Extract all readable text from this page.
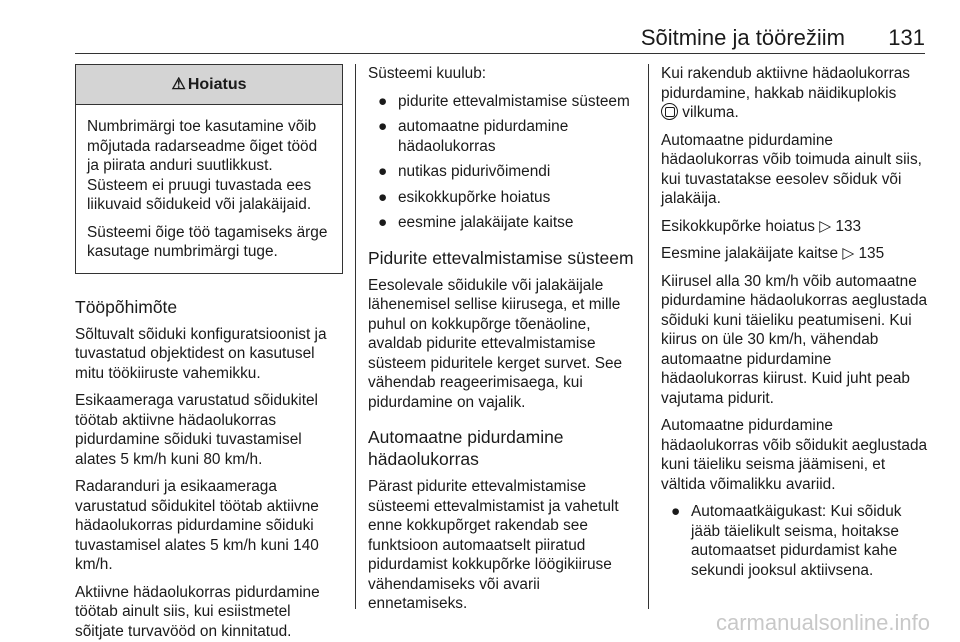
Sõitmine ja töörežiim 131
⚠ Hoiatus

Numbrimärgi toe kasutamine võib mõjutada radarseadme õiget tööd ja piirata anduri suutlikkust. Süsteem ei pruugi tuvastada ees liikuvaid sõidukeid või jalakäijaid.

Süsteemi õige töö tagamiseks ärge kasutage numbrimärgi tuge.

Tööpõhimõte

Sõltuvalt sõiduki konfiguratsioonist ja tuvastatud objektidest on kasutusel mitu töökiiruste vahemikku.

Esikaameraga varustatud sõidukitel töötab aktiivne hädaolukorras pidurdamine sõiduki tuvastamisel alates 5 km/h kuni 80 km/h.

Radaranduri ja esikaameraga varustatud sõidukitel töötab aktiivne hädaolukorras pidurdamine sõiduki tuvastamisel alates 5 km/h kuni 140 km/h.

Aktiivne hädaolukorras pidurdamine töötab ainult siis, kui esiistmetel sõitjate turvavööd on kinnitatud.

Süsteemi kuulub:

● pidurite ettevalmistamise süsteem
● automaatne pidurdamine hädaolukorras
● nutikas pidurivõimendi
● esikokkupõrke hoiatus
● eesmine jalakäijate kaitse
Pidurite ettevalmistamise süsteem

Eesolevale sõidukile või jalakäijale lähenemisel sellise kiirusega, et mille puhul on kokkupõrge tõenäoline, avaldab pidurite ettevalmistamise süsteem piduritele kerget survet. See vähendab reageerimisaega, kui pidurdamine on vajalik.

Automaatne pidurdamine hädaolukorras

Pärast pidurite ettevalmistamise süsteemi ettevalmistamist ja vahetult enne kokkupõrget rakendab see funktsioon automaatselt piiratud pidurdamist kokkupõrke löögikiiruse vähendamiseks või avarii ennetamiseks.

Kui rakendub aktiivne hädaolukorras pidurdamine, hakkab näidikuplokis
vilkuma.

Automaatne pidurdamine hädaolukorras võib toimuda ainult siis, kui tuvastatakse eesolev sõiduk või jalakäija.

Esikokkupõrke hoiatus ▷ 133

Eesmine jalakäijate kaitse ▷ 135

Kiirusel alla 30 km/h võib automaatne pidurdamine hädaolukorras aeglustada sõiduki kuni täieliku peatumiseni. Kui kiirus on üle 30 km/h, vähendab automaatne pidurdamine hädaolukorras kiirust. Kuid juht peab vajutama pidurit.

Automaatne pidurdamine hädaolukorras võib sõidukit aeglustada kuni täieliku seisma jäämiseni, et vältida võimalikku avariid.

● Automaatkäigukast: Kui sõiduk jääb täielikult seisma, hoitakse automaatset pidurdamist kahe sekundi jooksul aktiivsena.
carmanualsonline.info
